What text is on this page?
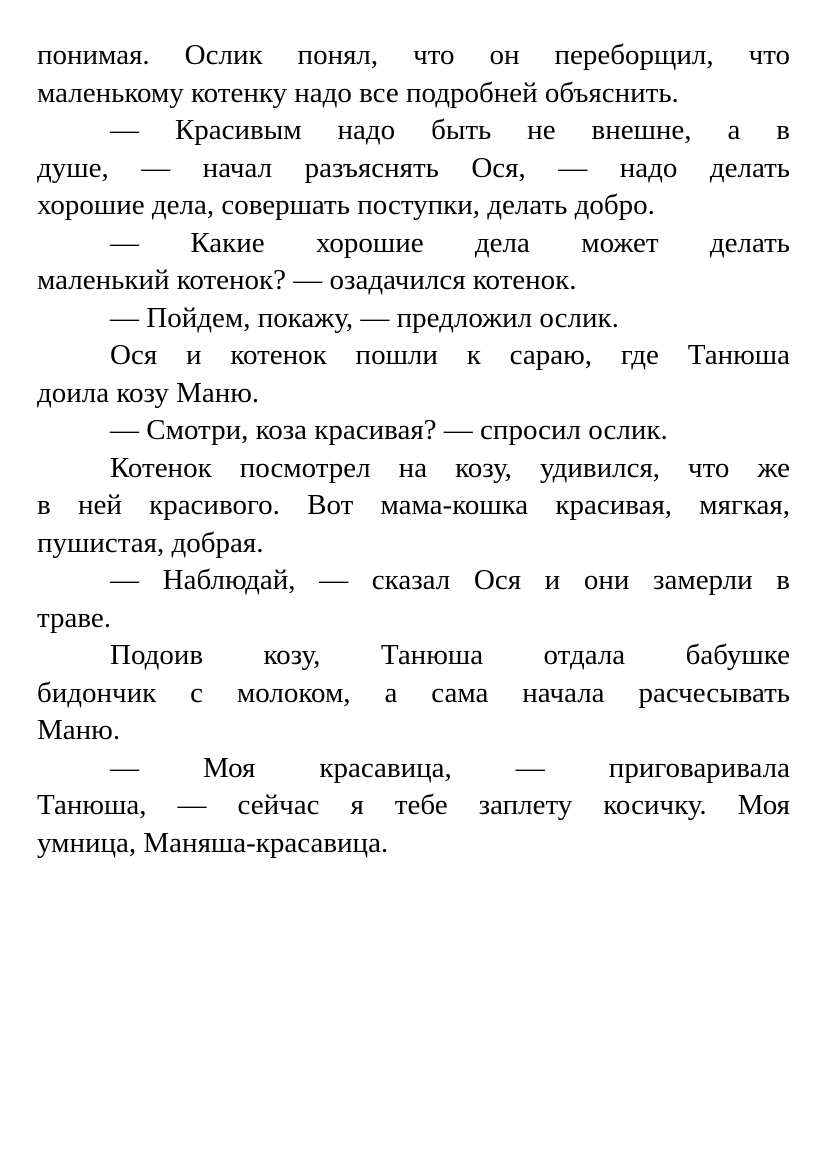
понимая. Ослик понял, что он переборщил, что
маленькому котенку надо все подробней объяснить.
— Красивым надо быть не внешне, а в
душе, — начал разъяснять Ося, — надо делать
хорошие дела, совершать поступки, делать добро.
— Какие хорошие дела может делать
маленький котенок? — озадачился котенок.
— Пойдем, покажу, — предложил ослик.
Ося и котенок пошли к сараю, где Танюша
доила козу Маню.
— Смотри, коза красивая? — спросил ослик.
Котенок посмотрел на козу, удивился, что же
в ней красивого. Вот мама-кошка красивая, мягкая,
пушистая, добрая.
— Наблюдай, — сказал Ося и они замерли в
траве.
Подоив козу, Танюша отдала бабушке
бидончик с молоком, а сама начала расчесывать
Маню.
— Моя красавица, — приговаривала
Танюша, — сейчас я тебе заплету косичку. Моя
умница, Маняша-красавица.
